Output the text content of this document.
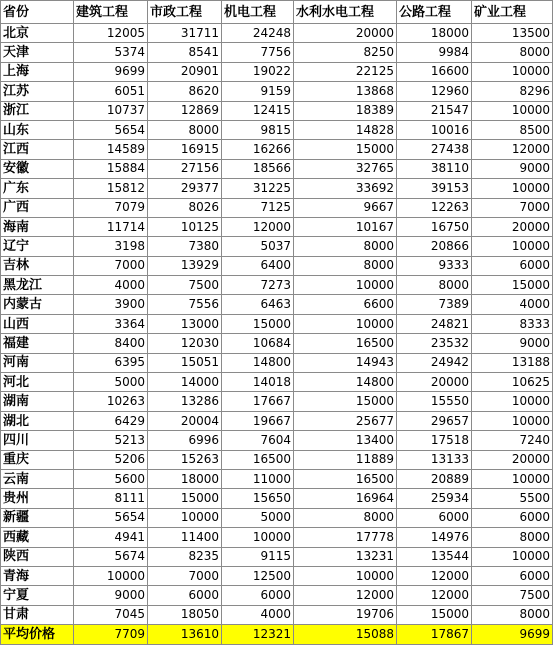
省份	建筑工程	市政工程	机电工程	水利水电工程	公路工程	矿业工程
北京	12005	31711	24248	20000	18000	13500
天津	5374	8541	7756	8250	9984	8000
上海	9699	20901	19022	22125	16600	10000
江苏	6051	8620	9159	13868	12960	8296
浙江	10737	12869	12415	18389	21547	10000
山东	5654	8000	9815	14828	10016	8500
江西	14589	16915	16266	15000	27438	12000
安徽	15884	27156	18566	32765	38110	9000
广东	15812	29377	31225	33692	39153	10000
广西	7079	8026	7125	9667	12263	7000
海南	11714	10125	12000	10167	16750	20000
辽宁	3198	7380	5037	8000	20866	10000
吉林	7000	13929	6400	8000	9333	6000
黑龙江	4000	7500	7273	10000	8000	15000
内蒙古	3900	7556	6463	6600	7389	4000
山西	3364	13000	15000	10000	24821	8333
福建	8400	12030	10684	16500	23532	9000
河南	6395	15051	14800	14943	24942	13188
河北	5000	14000	14018	14800	20000	10625
湖南	10263	13286	17667	15000	15550	10000
湖北	6429	20004	19667	25677	29657	10000
四川	5213	6996	7604	13400	17518	7240
重庆	5206	15263	16500	11889	13133	20000
云南	5600	18000	11000	16500	20889	10000
贵州	8111	15000	15650	16964	25934	5500
新疆	5654	10000	5000	8000	6000	6000
西藏	4941	11400	10000	17778	14976	8000
陕西	5674	8235	9115	13231	13544	10000
青海	10000	7000	12500	10000	12000	6000
宁夏	9000	6000	6000	12000	12000	7500
甘肃	7045	18050	4000	19706	15000	8000
平均价格	7709	13610	12321	15088	17867	9699
